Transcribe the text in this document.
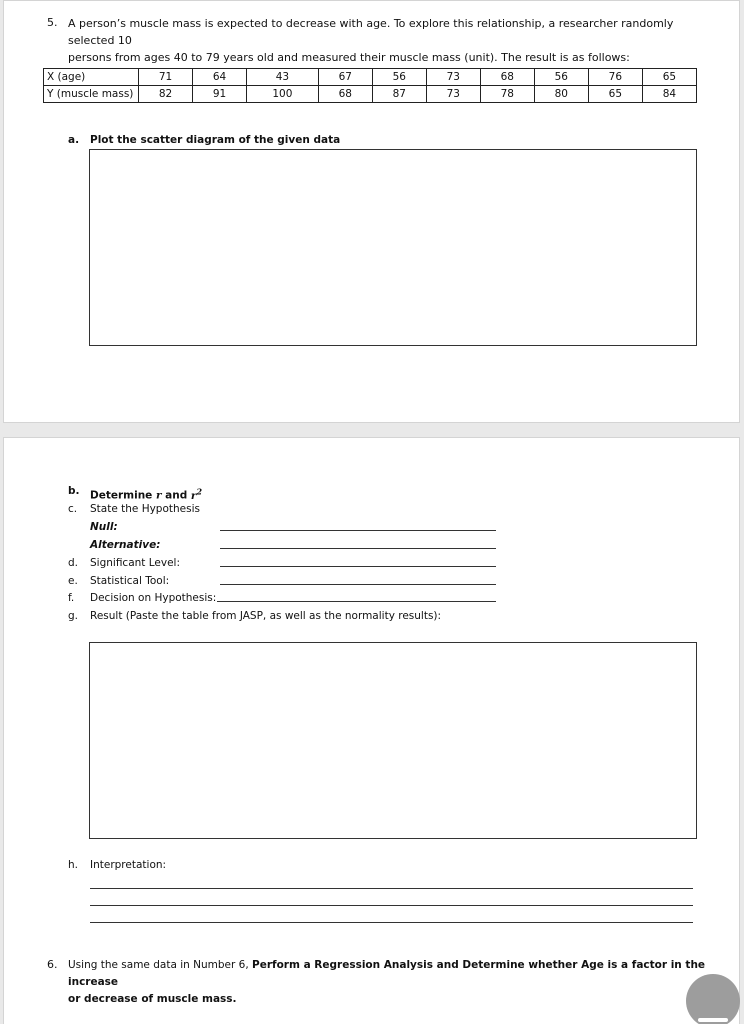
5. A person’s muscle mass is expected to decrease with age. To explore this relationship, a researcher randomly selected 10
persons from ages 40 to 79 years old and measured their muscle mass (unit). The result is as follows:
X (age)	71	64	43	67	56	73	68	56	76	65
Y (muscle mass)	82	91	100	68	87	73	78	80	65	84
a. Plot the scatter diagram of the given data
b. Determine r and $r^2$
c. State the Hypothesis
Null:
Alternative:
d. Significant Level:
e. Statistical Tool:
f. Decision on Hypothesis:
g. Result (Paste the table from JASP, as well as the normality results):
h. Interpretation:
6. Using the same data in Number 6, Perform a Regression Analysis and Determine whether Age is a factor in the increase
or decrease of muscle mass.
